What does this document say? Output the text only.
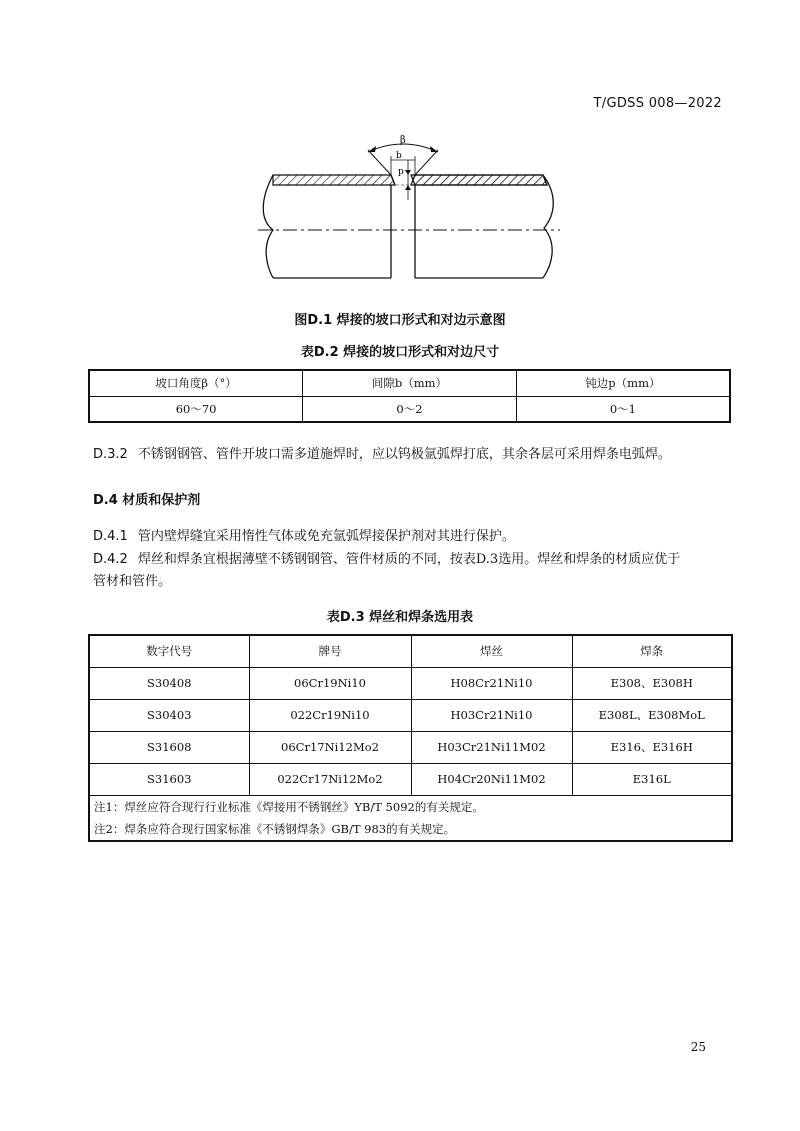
T/GDSS 008—2022
β
b
p
图D.1 焊接的坡口形式和对边示意图
表D.2 焊接的坡口形式和对边尺寸
坡口角度β（°）	间隙b（mm）	钝边p（mm）
60～70	0～2	0～1
D.3.2 不锈钢钢管、管件开坡口需多道施焊时，应以钨极氩弧焊打底，其余各层可采用焊条电弧焊。
D.4 材质和保护剂
D.4.1 管内壁焊缝宜采用惰性气体或免充氩弧焊接保护剂对其进行保护。
D.4.2 焊丝和焊条宜根据薄壁不锈钢钢管、管件材质的不同，按表D.3选用。焊丝和焊条的材质应优于
管材和管件。
表D.3 焊丝和焊条选用表
数字代号	牌号	焊丝	焊条
S30408	06Cr19Ni10	H08Cr21Ni10	E308、E308H
S30403	022Cr19Ni10	H03Cr21Ni10	E308L、E308MoL
S31608	06Cr17Ni12Mo2	H03Cr21Ni11M02	E316、E316H
S31603	022Cr17Ni12Mo2	H04Cr20Ni11M02	E316L

注1：焊丝应符合现行行业标准《焊接用不锈钢丝》YB/T 5092的有关规定。
注2：焊条应符合现行国家标准《不锈钢焊条》GB/T 983的有关规定。			
25
